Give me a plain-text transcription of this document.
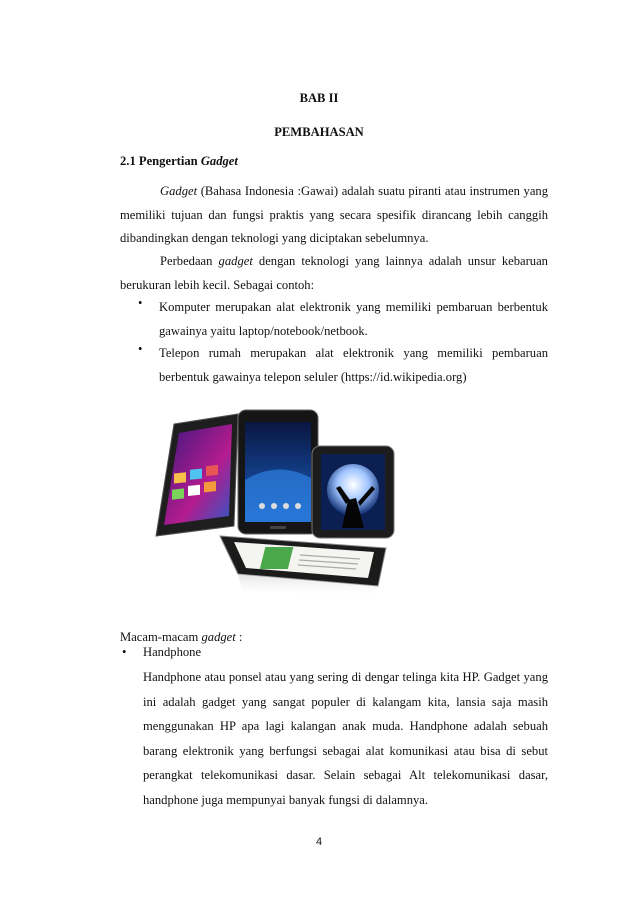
BAB II
PEMBAHASAN
2.1 Pengertian Gadget
Gadget (Bahasa Indonesia :Gawai) adalah suatu piranti atau instrumen yang
memiliki tujuan dan fungsi praktis yang secara spesifik dirancang lebih canggih
dibandingkan dengan teknologi yang diciptakan sebelumnya.
Perbedaan gadget dengan teknologi yang lainnya adalah unsur kebaruan
berukuran lebih kecil. Sebagai contoh:
•	Komputer merupakan alat elektronik yang memiliki pembaruan berbentuk
gawainya yaitu laptop/notebook/netbook.
•	Telepon rumah merupakan alat elektronik yang memiliki pembaruan
berbentuk gawainya telepon seluler (https://id.wikipedia.org)
Macam-macam gadget :
• Handphone
Handphone atau ponsel atau yang sering di dengar telinga kita HP. Gadget yang
ini adalah gadget yang sangat populer di kalangam kita, lansia saja masih
menggunakan HP apa lagi kalangan anak muda. Handphone adalah sebuah
barang elektronik yang berfungsi sebagai alat komunikasi atau bisa di sebut
perangkat telekomunikasi dasar. Selain sebagai Alt telekomunikasi dasar,
handphone juga mempunyai banyak fungsi di dalamnya.
4
